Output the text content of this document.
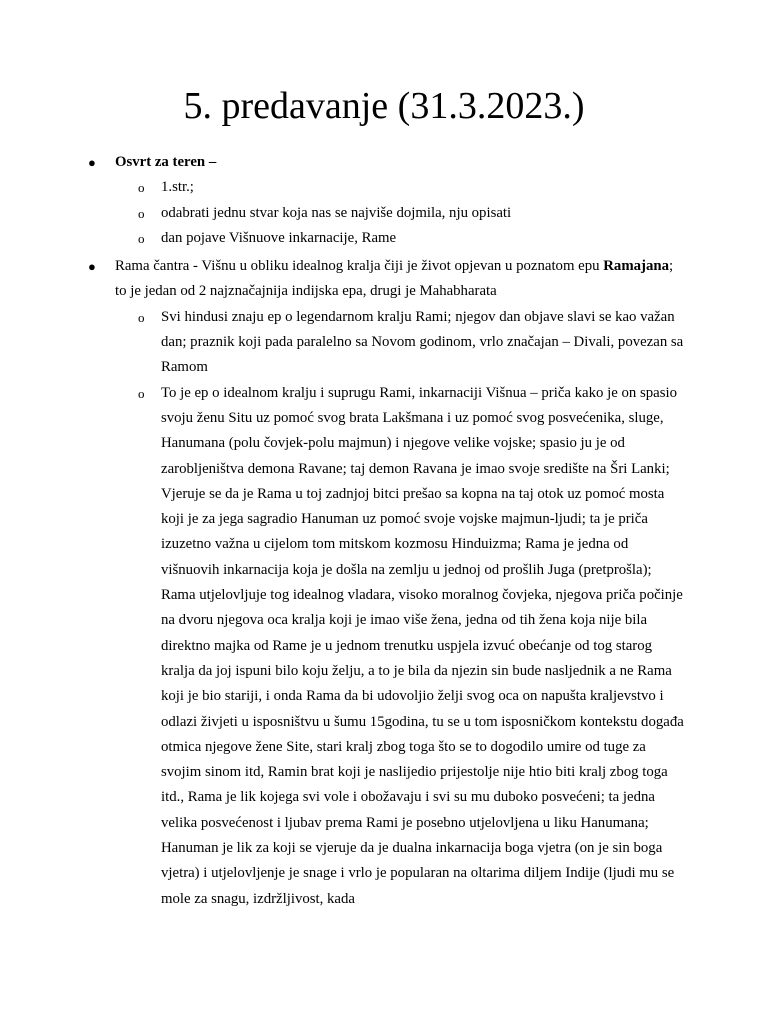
5. predavanje (31.3.2023.)
● Osvrt za teren –
o 1.str.;
o odabrati jednu stvar koja nas se najviše dojmila, nju opisati
o dan pojave Višnuove inkarnacije, Rame
● Rama čantra - Višnu u obliku idealnog kralja čiji je život opjevan u poznatom epu Ramajana; to je jedan od 2 najznačajnija indijska epa, drugi je Mahabharata
o Svi hindusi znaju ep o legendarnom kralju Rami; njegov dan objave slavi se kao važan dan; praznik koji pada paralelno sa Novom godinom, vrlo značajan – Divali, povezan sa Ramom
o To je ep o idealnom kralju i suprugu Rami, inkarnaciji Višnua – priča kako je on spasio svoju ženu Situ uz pomoć svog brata Lakšmana i uz pomoć svog posvećenika, sluge, Hanumana (polu čovjek-polu majmun) i njegove velike vojske; spasio ju je od zarobljeništva demona Ravane; taj demon Ravana je imao svoje središte na Šri Lanki; Vjeruje se da je Rama u toj zadnjoj bitci prešao sa kopna na taj otok uz pomoć mosta koji je za jega sagradio Hanuman uz pomoć svoje vojske majmun-ljudi; ta je priča izuzetno važna u cijelom tom mitskom kozmosu Hinduizma; Rama je jedna od višnuovih inkarnacija koja je došla na zemlju u jednoj od prošlih Juga (pretprošla); Rama utjelovljuje tog idealnog vladara, visoko moralnog čovjeka, njegova priča počinje na dvoru njegova oca kralja koji je imao više žena, jedna od tih žena koja nije bila direktno majka od Rame je u jednom trenutku uspjela izvuć obećanje od tog starog kralja da joj ispuni bilo koju želju, a to je bila da njezin sin bude nasljednik a ne Rama koji je bio stariji, i onda Rama da bi udovoljio želji svog oca on napušta kraljevstvo i odlazi živjeti u isposništvu u šumu 15godina, tu se u tom isposničkom kontekstu događa otmica njegove žene Site, stari kralj zbog toga što se to dogodilo umire od tuge za svojim sinom itd, Ramin brat koji je naslijedio prijestolje nije htio biti kralj zbog toga itd., Rama je lik kojega svi vole i obožavaju i svi su mu duboko posvećeni; ta jedna velika posvećenost i ljubav prema Rami je posebno utjelovljena u liku Hanumana; Hanuman je lik za koji se vjeruje da je dualna inkarnacija boga vjetra (on je sin boga vjetra) i utjelovljenje je snage i vrlo je popularan na oltarima diljem Indije (ljudi mu se mole za snagu, izdržljivost, kada
